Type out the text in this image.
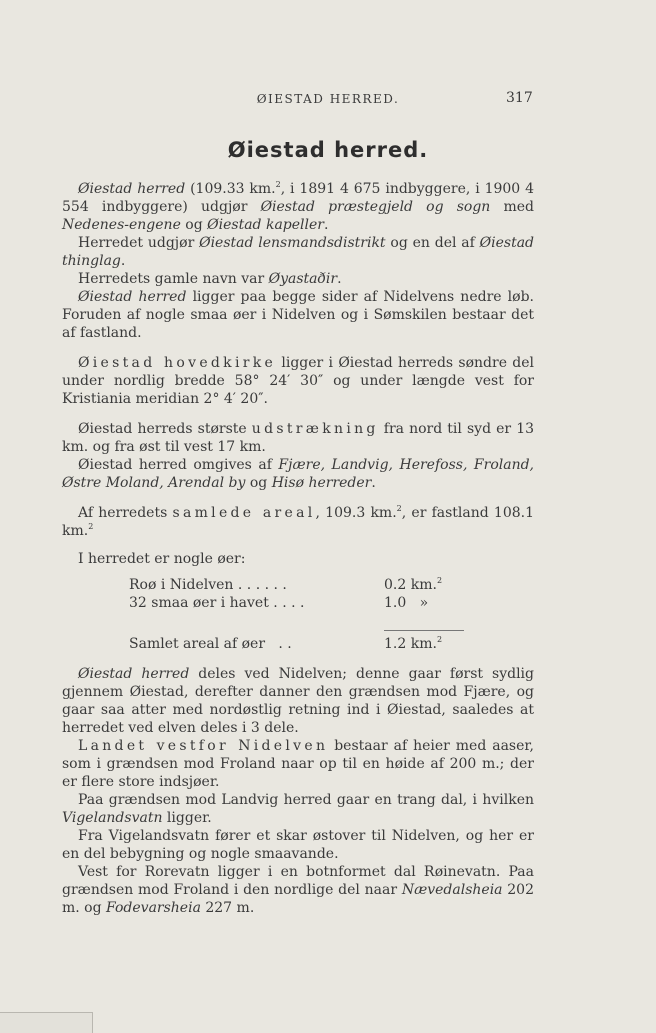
ØIESTAD HERRED.	317
Øiestad herred.

Øiestad herred (109.33 km.$^2$, i 1891 4 675 indbyggere, i 1900 4 554 indbyggere) udgjør Øiestad præstegjeld og sogn med Nedenes-engene og Øiestad kapeller.

Herredet udgjør Øiestad lensmandsdistrikt og en del af Øiestad thinglag.

Herredets gamle navn var Øyastaðir.

Øiestad herred ligger paa begge sider af Nidelvens nedre løb. Foruden af nogle smaa øer i Nidelven og i Sømskilen bestaar det af fastland.

Øiestad hovedkirke ligger i Øiestad herreds søndre del under nordlig bredde 58° 24′ 30″ og under længde vest for Kristiania meridian 2° 4′ 20″.

Øiestad herreds største udstrækning fra nord til syd er 13 km. og fra øst til vest 17 km.

Øiestad herred omgives af Fjære, Landvig, Herefoss, Froland, Østre Moland, Arendal by og Hisø herreder.

Af herredets samlede areal, 109.3 km.$^2$, er fastland 108.1 km.$^2$

I herredet er nogle øer:

Roø i Nidelven . . . . . .	0.2 km.$^2$
32 smaa øer i havet . . . .	1.0 »

Samlet areal af øer . .	1.2 km.$^2$

Øiestad herred deles ved Nidelven; denne gaar først sydlig gjennem Øiestad, derefter danner den grændsen mod Fjære, og gaar saa atter med nordøstlig retning ind i Øiestad, saaledes at herredet ved elven deles i 3 dele.

Landet vestfor Nidelven bestaar af heier med aaser, som i grændsen mod Froland naar op til en høide af 200 m.; der er flere store indsjøer.

Paa grændsen mod Landvig herred gaar en trang dal, i hvilken Vigelandsvatn ligger.

Fra Vigelandsvatn fører et skar østover til Nidelven, og her er en del bebygning og nogle smaavande.

Vest for Rorevatn ligger i en botnformet dal Røinevatn. Paa grændsen mod Froland i den nordlige del naar Nævedalsheia 202 m. og Fodevarsheia 227 m.
